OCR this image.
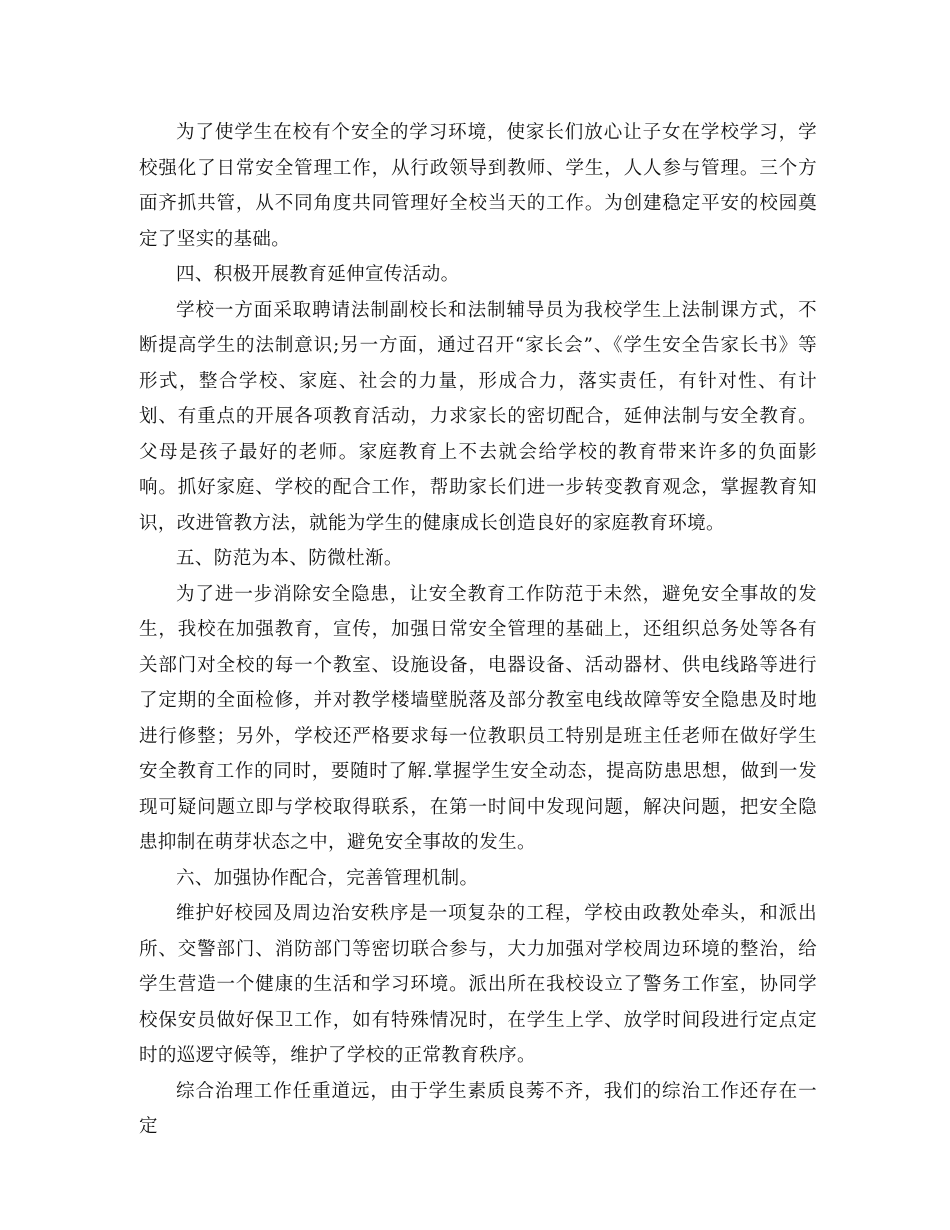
为了使学生在校有个安全的学习环境，使家长们放心让子女在学校学习，学校强化了日常安全管理工作，从行政领导到教师、学生，人人参与管理。三个方面齐抓共管，从不同角度共同管理好全校当天的工作。为创建稳定平安的校园奠定了坚实的基础。

四、积极开展教育延伸宣传活动。

学校一方面采取聘请法制副校长和法制辅导员为我校学生上法制课方式，不断提高学生的法制意识;另一方面，通过召开“家长会”、《学生安全告家长书》等形式，整合学校、家庭、社会的力量，形成合力，落实责任，有针对性、有计划、有重点的开展各项教育活动，力求家长的密切配合，延伸法制与安全教育。父母是孩子最好的老师。家庭教育上不去就会给学校的教育带来许多的负面影响。抓好家庭、学校的配合工作，帮助家长们进一步转变教育观念，掌握教育知识，改进管教方法，就能为学生的健康成长创造良好的家庭教育环境。

五、防范为本、防微杜渐。

为了进一步消除安全隐患，让安全教育工作防范于未然，避免安全事故的发生，我校在加强教育，宣传，加强日常安全管理的基础上，还组织总务处等各有关部门对全校的每一个教室、设施设备，电器设备、活动器材、供电线路等进行了定期的全面检修，并对教学楼墙壁脱落及部分教室电线故障等安全隐患及时地进行修整；另外，学校还严格要求每一位教职员工特别是班主任老师在做好学生安全教育工作的同时，要随时了解.掌握学生安全动态，提高防患思想，做到一发现可疑问题立即与学校取得联系，在第一时间中发现问题，解决问题，把安全隐患抑制在萌芽状态之中，避免安全事故的发生。

六、加强协作配合，完善管理机制。

维护好校园及周边治安秩序是一项复杂的工程，学校由政教处牵头，和派出所、交警部门、消防部门等密切联合参与，大力加强对学校周边环境的整治，给学生营造一个健康的生活和学习环境。派出所在我校设立了警务工作室，协同学校保安员做好保卫工作，如有特殊情况时，在学生上学、放学时间段进行定点定时的巡逻守候等，维护了学校的正常教育秩序。

综合治理工作任重道远，由于学生素质良莠不齐，我们的综治工作还存在一定
